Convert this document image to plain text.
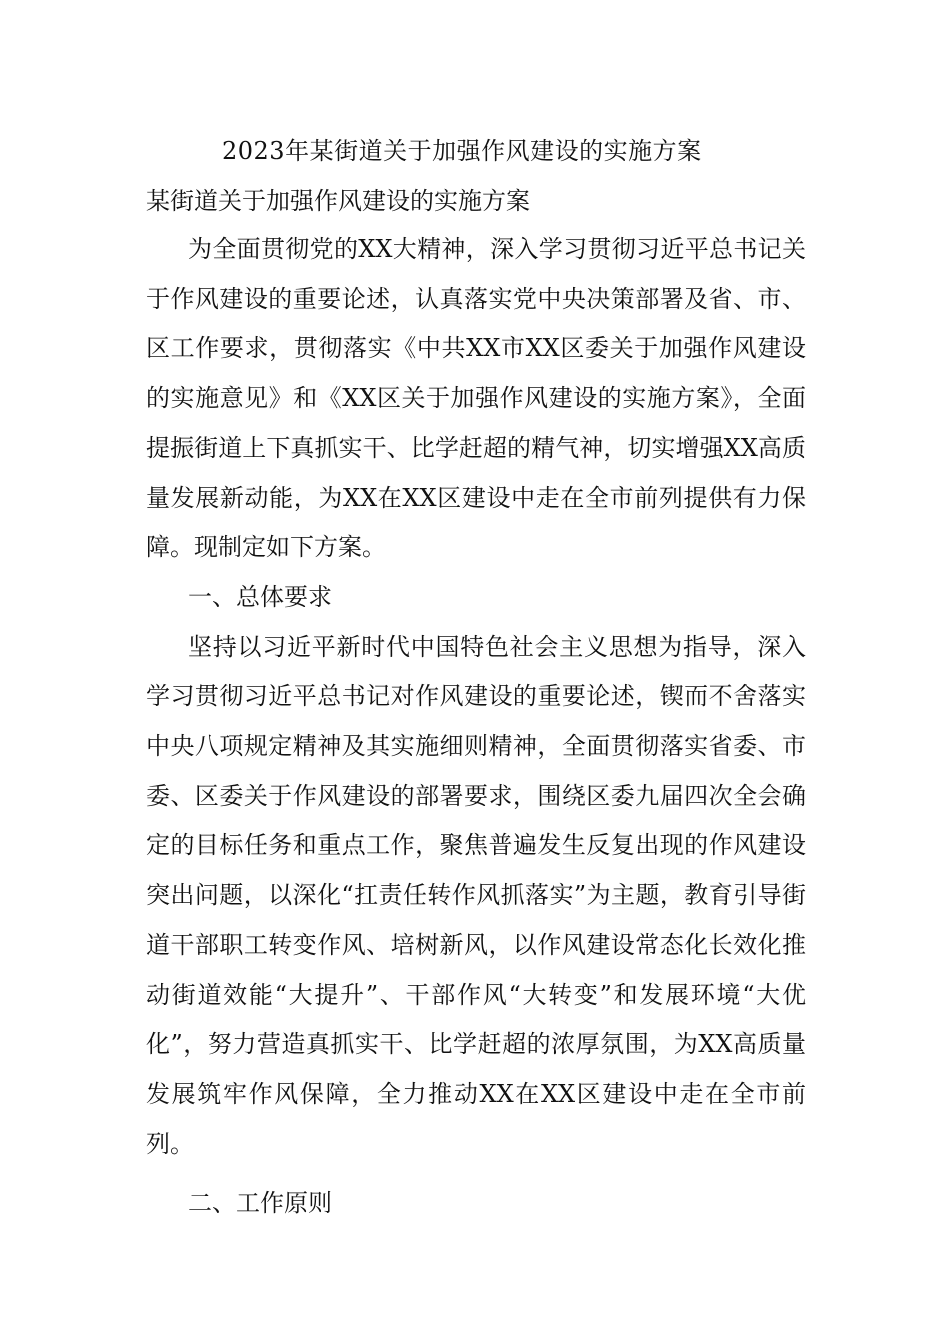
2023年某街道关于加强作风建设的实施方案
某街道关于加强作风建设的实施方案

为全面贯彻党的XX大精神，深入学习贯彻习近平总书记关于作风建设的重要论述，认真落实党中央决策部署及省、市、区工作要求，贯彻落实《中共XX市XX区委关于加强作风建设的实施意见》和《XX区关于加强作风建设的实施方案》，全面提振街道上下真抓实干、比学赶超的精气神，切实增强XX高质量发展新动能，为XX在XX区建设中走在全市前列提供有力保障。现制定如下方案。

一、总体要求

坚持以习近平新时代中国特色社会主义思想为指导，深入学习贯彻习近平总书记对作风建设的重要论述，锲而不舍落实中央八项规定精神及其实施细则精神，全面贯彻落实省委、市委、区委关于作风建设的部署要求，围绕区委九届四次全会确定的目标任务和重点工作，聚焦普遍发生反复出现的作风建设突出问题，以深化“扛责任转作风抓落实”为主题，教育引导街道干部职工转变作风、培树新风，以作风建设常态化长效化推动街道效能“大提升”、干部作风“大转变”和发展环境“大优化”，努力营造真抓实干、比学赶超的浓厚氛围，为XX高质量发展筑牢作风保障，全力推动XX在XX区建设中走在全市前列。

二、工作原则
